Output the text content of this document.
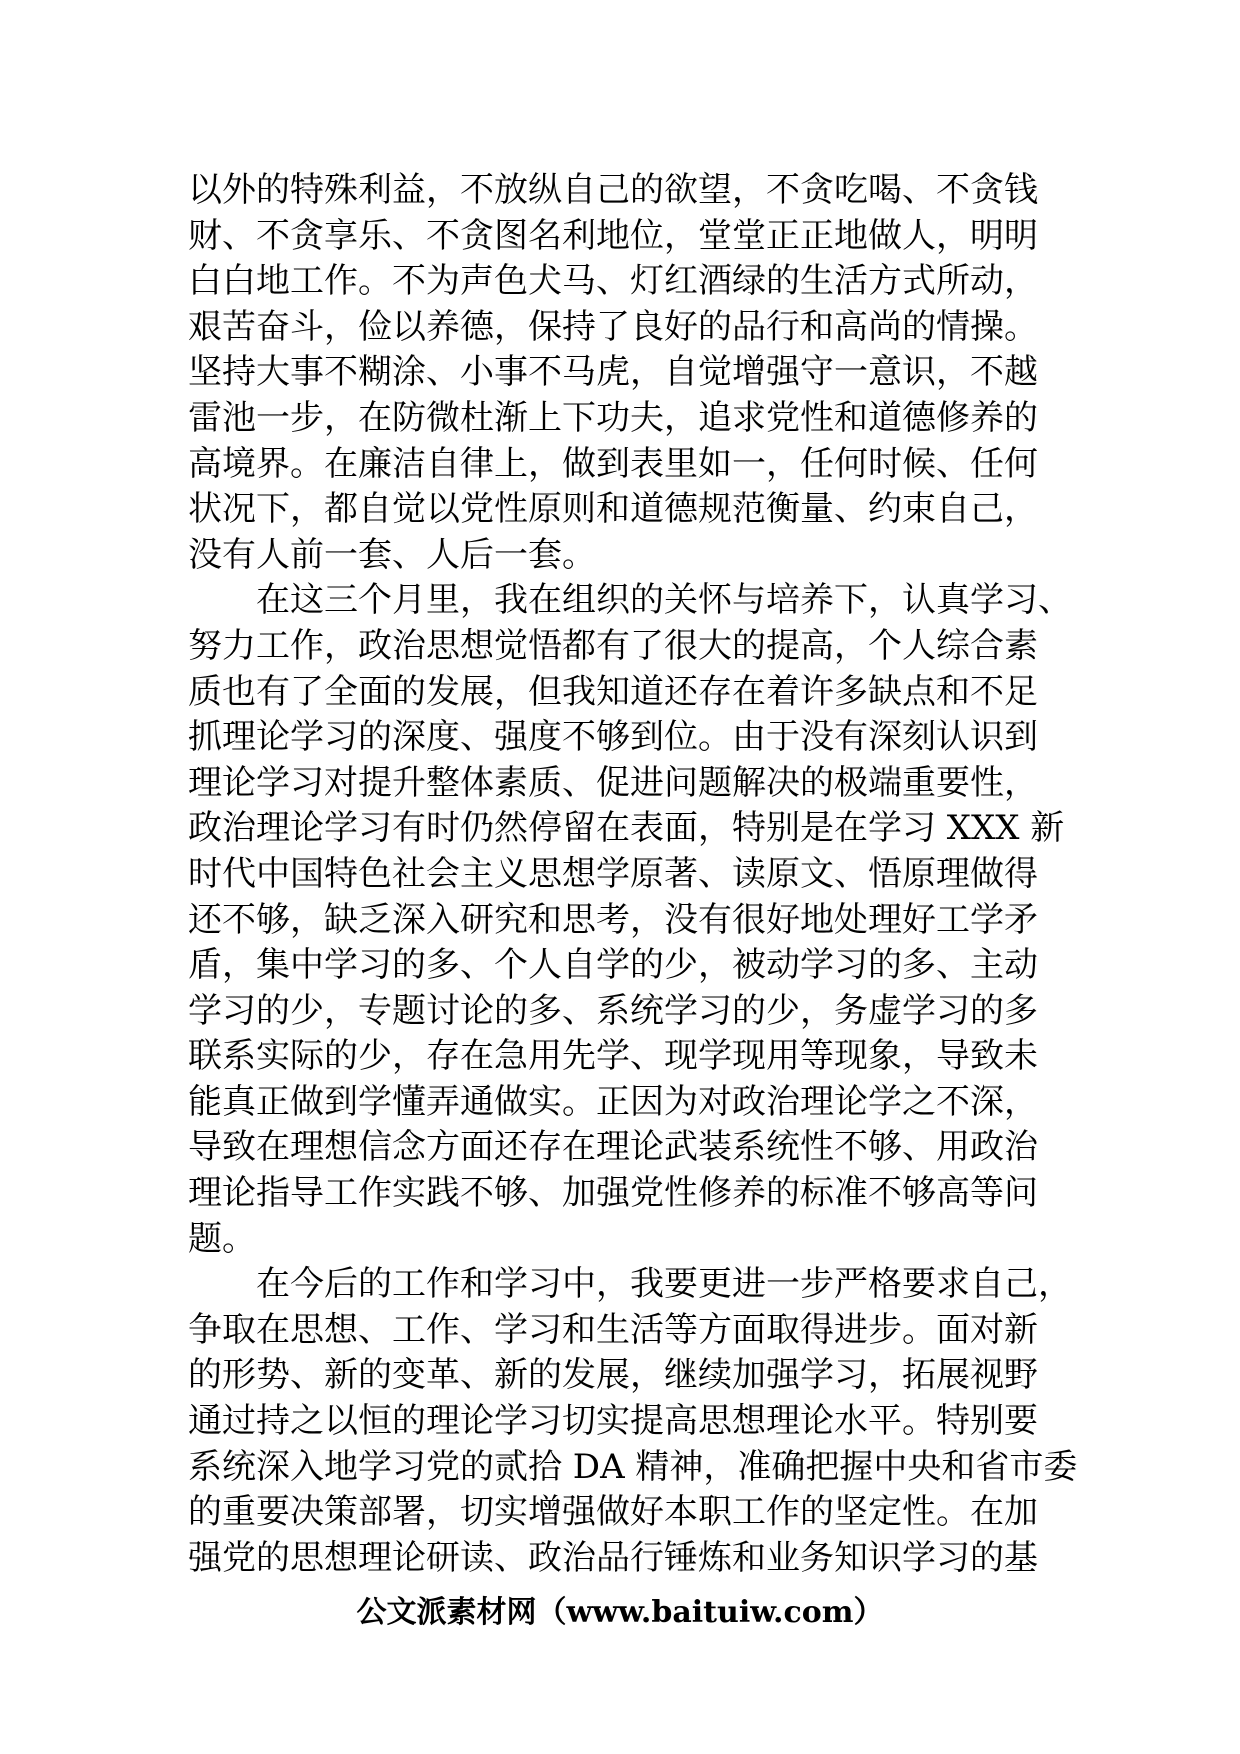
以外的特殊利益，不放纵自己的欲望，不贪吃喝、不贪钱
财、不贪享乐、不贪图名利地位，堂堂正正地做人，明明
白白地工作。不为声色犬马、灯红酒绿的生活方式所动，
艰苦奋斗，俭以养德，保持了良好的品行和高尚的情操。
坚持大事不糊涂、小事不马虎，自觉增强守一意识，不越
雷池一步，在防微杜渐上下功夫，追求党性和道德修养的
高境界。在廉洁自律上，做到表里如一，任何时候、任何
状况下，都自觉以党性原则和道德规范衡量、约束自己，
没有人前一套、人后一套。
在这三个月里，我在组织的关怀与培养下，认真学习、
努力工作，政治思想觉悟都有了很大的提高，个人综合素
质也有了全面的发展，但我知道还存在着许多缺点和不足
抓理论学习的深度、强度不够到位。由于没有深刻认识到
理论学习对提升整体素质、促进问题解决的极端重要性，
政治理论学习有时仍然停留在表面，特别是在学习 XXX 新
时代中国特色社会主义思想学原著、读原文、悟原理做得
还不够，缺乏深入研究和思考，没有很好地处理好工学矛
盾，集中学习的多、个人自学的少，被动学习的多、主动
学习的少，专题讨论的多、系统学习的少，务虚学习的多
联系实际的少，存在急用先学、现学现用等现象，导致未
能真正做到学懂弄通做实。正因为对政治理论学之不深，
导致在理想信念方面还存在理论武装系统性不够、用政治
理论指导工作实践不够、加强党性修养的标准不够高等问
题。
在今后的工作和学习中，我要更进一步严格要求自己，
争取在思想、工作、学习和生活等方面取得进步。面对新
的形势、新的变革、新的发展，继续加强学习，拓展视野
通过持之以恒的理论学习切实提高思想理论水平。特别要
系统深入地学习党的贰拾 DA 精神，准确把握中央和省市委
的重要决策部署，切实增强做好本职工作的坚定性。在加
强党的思想理论研读、政治品行锤炼和业务知识学习的基
公文派素材网（www.baituiw.com）
